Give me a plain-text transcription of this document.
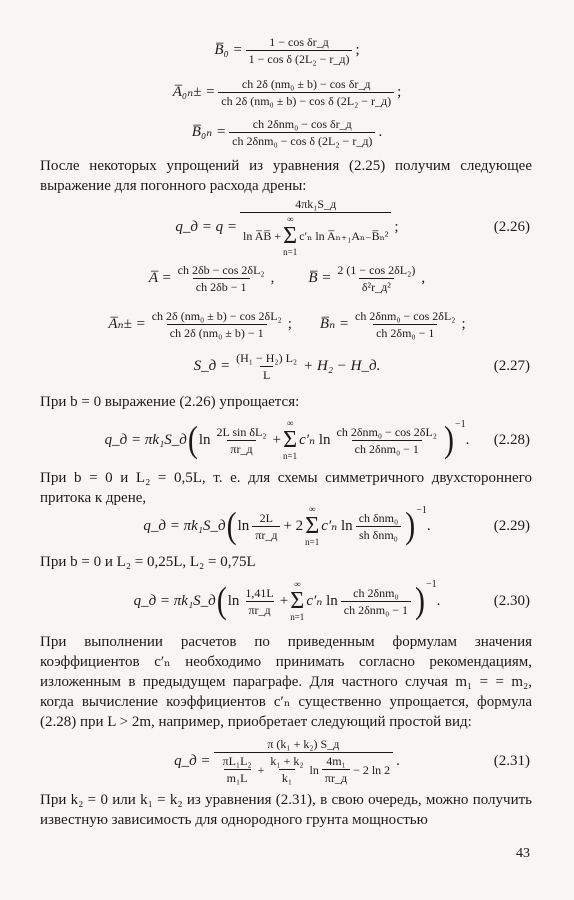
B̅₀ = $\frac{\text{1 − cos δr\_д}}{\text{1 − cos δ (2L₂ − r\_д)}}$ ;
A̅₀ₙ± = $\frac{\text{ch 2δ (nm₀ ± b) − cos δr\_д}}{\text{ch 2δ (nm₀ ± b) − cos δ (2L₂ − r\_д)}}$ ;
B̅₀ₙ = $\frac{\text{ch 2δnm₀ − cos δr\_д}}{\text{ch 2δnm₀ − cos δ (2L₂ − r\_д)}}$ .
После некоторых упрощений из уравнения (2.25) получим следующее выражение для погонного расхода дрены:
q_д = q =
4πk₁S_д
ln A̅B̅ +
∞
Σ
n=1
c′ₙ ln A̅ₙ₊₁Aₙ₋B̅ₙ²
;	(2.26)
A̅ = $\frac{\text{ch 2δb − cos 2δL₂}}{ch 2\delta b - 1}$ , B̅ = $\frac{\text{2 (1 − cos 2δL₂)}}{\text{δ²r\_д²}}$ ,
A̅ₙ± = $\frac{\text{ch 2δ (nm₀ ± b) − cos 2δL₂}}{\text{ch 2δ (nm₀ ± b) − 1}}$ ; B̅ₙ = $\frac{\text{ch 2δnm₀ − cos 2δL₂}}{\text{ch 2δm₀ − 1}}$ ;
S_д = $\frac{\text{(H₁ − H₂) L₂}}{L} + H_2$ − H_д.	(2.27)
При b = 0 выражение (2.26) упрощается:
q_д = πk₁S_д ( $\ln \frac{\text{2L sin δL₂}}{\pi r\_д}$ +
∞
Σ
n=1
c′ₙ
$\ln \frac{\text{ch 2δnm₀ − cos 2δL₂}}{\text{ch 2δnm₀ − 1}} )^{-1}$
. (2.28)
При b = 0 и L₂ = 0,5L, т. е. для схемы симметричного двухстороннего притока к дрене,
q_д = πk₁S_д ( $\ln \frac{2L}{\pi r\_д} + 2$
∞
Σ
n=1
c′ₙ
$\ln \frac{\text{ch δnm₀}}{\text{sh δnm₀}} )^{-1}$
.	(2.29)
При b = 0 и L₂ = 0,25L, L₂ = 0,75L
q_д = πk₁S_д ( $\ln \frac{1,41L}{\pi r\_д}$ +
∞
Σ
n=1
c′ₙ
$\ln \frac{\text{ch 2δnm₀}}{\text{ch 2δnm₀ − 1}} )^{-1}$
.	(2.30)
При выполнении расчетов по приведенным формулам значения коэффициентов c′ₙ необходимо принимать согласно рекомендациям, изложенным в предыдущем параграфе. Для частного случая m₁ = = m₂, когда вычисление коэффициентов c′ₙ существенно упрощается, формула (2.28) при L > 2m, например, приобретает следующий простой вид:
q_д =
π (k₁ + k₂) S_д
$\frac{\text{πL₁L₂}}{\text{m₁L}} + \frac{\text{k₁ + k₂}}{\text{k₁}}$ $\ln \frac{\text{4m₁}}{\pi r\_д} - 2$ ln 2
.	(2.31)
При k₂ = 0 или k₁ = k₂ из уравнения (2.31), в свою очередь, можно получить известную зависимость для однородного грунта мощностью
43
